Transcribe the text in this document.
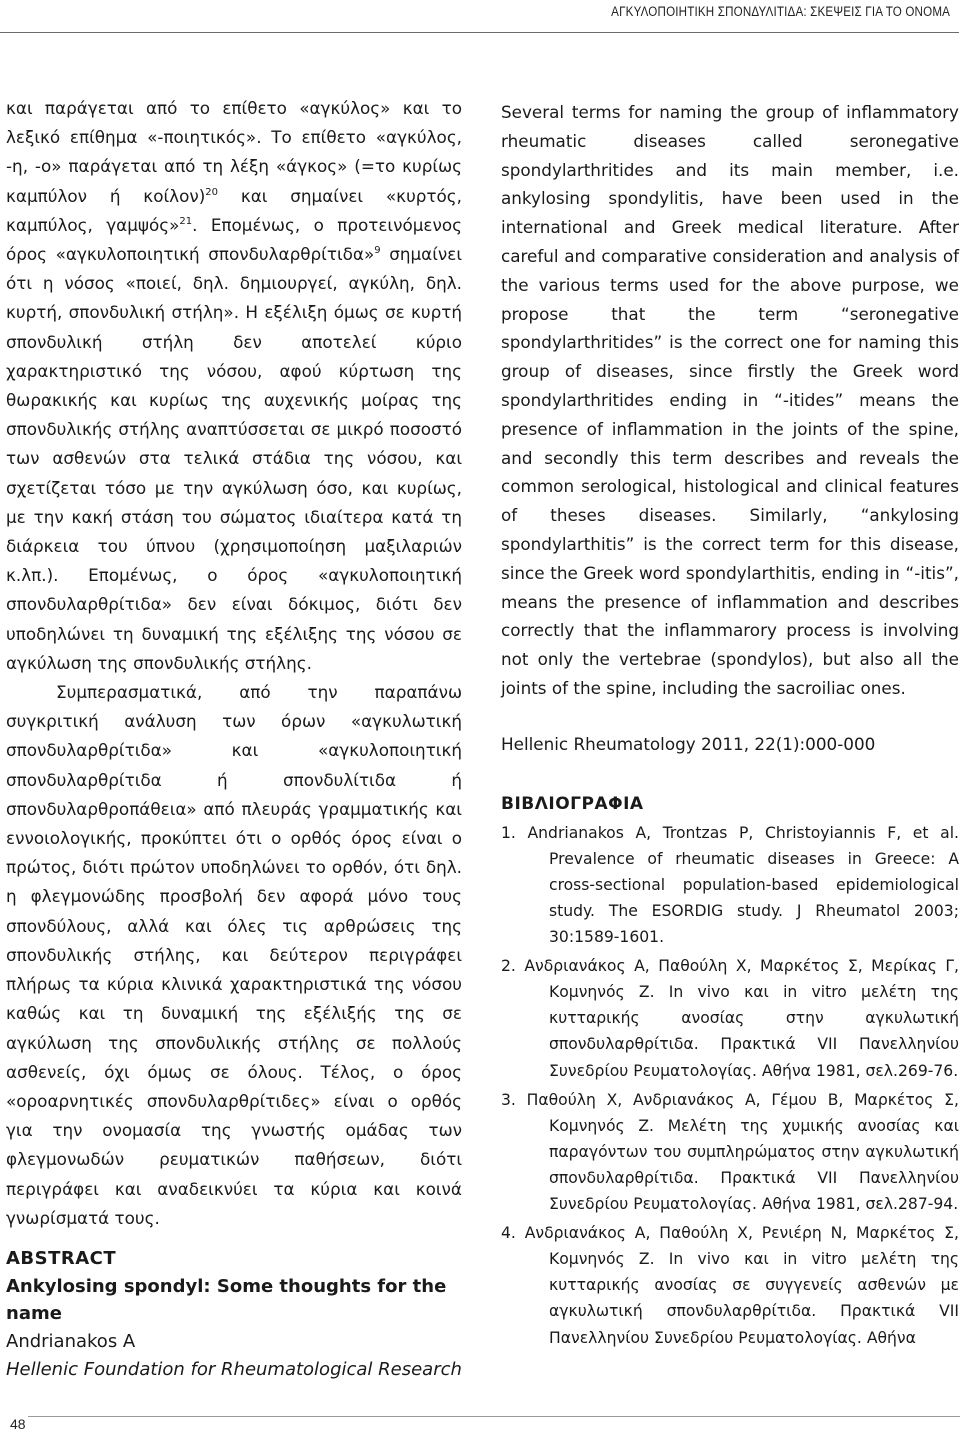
ΑΓΚΥΛΟΠΟΙΗΤΙΚΗ ΣΠΟΝΔΥΛΙΤΙΔΑ: ΣΚΕΨΕΙΣ ΓΙΑ ΤΟ ΟΝΟΜΑ

και παράγεται από το επίθετο «αγκύλος» και το λεξικό επίθημα «-ποιητικός». Το επίθετο «αγκύλος, -η, -ο» παράγεται από τη λέξη «άγκος» (=το κυρίως καμπύλον ή κοίλον)$^{20}$ και σημαίνει «κυρτός, καμπύλος, γαμψός»$^{21}$. Επομένως, ο προτεινόμενος όρος «αγκυλοποιητική σπονδυλαρθρίτιδα»$^9$ σημαίνει ότι η νόσος «ποιεί, δηλ. δημιουργεί, αγκύλη, δηλ. κυρτή, σπονδυλική στήλη». Η εξέλιξη όμως σε κυρτή σπονδυλική στήλη δεν αποτελεί κύριο χαρακτηριστικό της νόσου, αφού κύρτωση της θωρακικής και κυρίως της αυχενικής μοίρας της σπονδυλικής στήλης αναπτύσσεται σε μικρό ποσοστό των ασθενών στα τελικά στάδια της νόσου, και σχετίζεται τόσο με την αγκύλωση όσο, και κυρίως, με την κακή στάση του σώματος ιδιαίτερα κατά τη διάρκεια του ύπνου (χρησιμοποίηση μαξιλαριών κ.λπ.). Επομένως, ο όρος «αγκυλοποιητική σπονδυλαρθρίτιδα» δεν είναι δόκιμος, διότι δεν υποδηλώνει τη δυναμική της εξέλιξης της νόσου σε αγκύλωση της σπονδυλικής στήλης.

Συμπερασματικά, από την παραπάνω συγκριτική ανάλυση των όρων «αγκυλωτική σπονδυλαρθρίτιδα» και «αγκυλοποιητική σπονδυλαρθρίτιδα ή σπονδυλίτιδα ή σπονδυλαρθροπάθεια» από πλευράς γραμματικής και εννοιολογικής, προκύπτει ότι ο ορθός όρος είναι ο πρώτος, διότι πρώτον υποδηλώνει το ορθόν, ότι δηλ. η φλεγμονώδης προσβολή δεν αφορά μόνο τους σπονδύλους, αλλά και όλες τις αρθρώσεις της σπονδυλικής στήλης, και δεύτερον περιγράφει πλήρως τα κύρια κλινικά χαρακτηριστικά της νόσου καθώς και τη δυναμική της εξέλιξής της σε αγκύλωση της σπονδυλικής στήλης σε πολλούς ασθενείς, όχι όμως σε όλους. Τέλος, ο όρος «οροαρνητικές σπονδυλαρθρίτιδες» είναι ο ορθός για την ονομασία της γνωστής ομάδας των φλεγμονωδών ρευματικών παθήσεων, διότι περιγράφει και αναδεικνύει τα κύρια και κοινά γνωρίσματά τους.

ABSTRACT
Ankylosing spondyl: Some thoughts for the name
Andrianakos A
Hellenic Foundation for Rheumatological Research

Several terms for naming the group of inflammatory rheumatic diseases called seronegative spondylarthritides and its main member, i.e. ankylosing spondylitis, have been used in the international and Greek medical literature. After careful and comparative consideration and analysis of the various terms used for the above purpose, we propose that the term “seronegative spondylarthritides” is the correct one for naming this group of diseases, since firstly the Greek word spondylarthritides ending in “-itides” means the presence of inflammation in the joints of the spine, and secondly this term describes and reveals the common serological, histological and clinical features of theses diseases. Similarly, “ankylosing spondylarthitis” is the correct term for this disease, since the Greek word spondylarthitis, ending in “-itis”, means the presence of inflammation and describes correctly that the inflammarory process is involving not only the vertebrae (spondylos), but also all the joints of the spine, including the sacroiliac ones.

Hellenic Rheumatology 2011, 22(1):000-000
ΒΙΒΛΙΟΓΡΑΦΙΑ
1. Andrianakos A, Trontzas P, Christoyiannis F, et al. Prevalence of rheumatic diseases in Greece: A cross-sectional population-based epidemiological study. The ESORDIG study. J Rheumatol 2003; 30:1589-1601.
2. Ανδριανάκος Α, Παθούλη Χ, Μαρκέτος Σ, Μερίκας Γ, Κομνηνός Ζ. In vivo και in vitro μελέτη της κυτταρικής ανοσίας στην αγκυλωτική σπονδυλαρθρίτιδα. Πρακτικά VII Πανελληνίου Συνεδρίου Ρευματολογίας. Αθήνα 1981, σελ.269-76.
3. Παθούλη Χ, Ανδριανάκος Α, Γέμου Β, Μαρκέτος Σ, Κομνηνός Ζ. Μελέτη της χυμικής ανοσίας και παραγόντων του συμπληρώματος στην αγκυλωτική σπονδυλαρθρίτιδα. Πρακτικά VII Πανελληνίου Συνεδρίου Ρευματολογίας. Αθήνα 1981, σελ.287-94.
4. Ανδριανάκος Α, Παθούλη Χ, Ρενιέρη Ν, Μαρκέτος Σ, Κομνηνός Ζ. In vivo και in vitro μελέτη της κυτταρικής ανοσίας σε συγγενείς ασθενών με αγκυλωτική σπονδυλαρθρίτιδα. Πρακτικά VII Πανελληνίου Συνεδρίου Ρευματολογίας. Αθήνα
48
